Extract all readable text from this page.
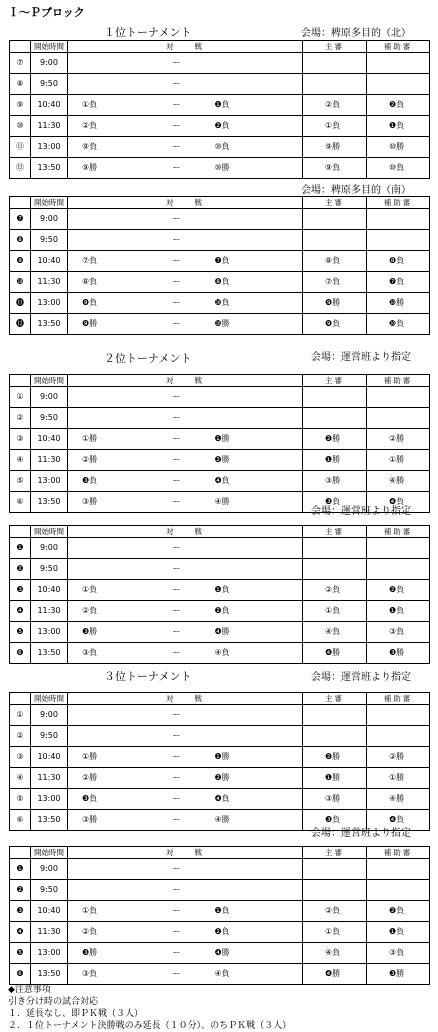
Ｉ～Ｐブロック
１位トーナメント	会場：稗原多目的（北）
	開始時間	対　　戦			主審	補助審
⑦	9:00		ー			
⑧	9:50		ー			
⑨	10:40	①負	ー	❶負	②負	❷負
⑩	11:30	②負	ー	❷負	①負	❶負
⑪	13:00	⑨負	ー	⑩負	⑨勝	⑩勝
⑫	13:50	⑨勝	ー	⑩勝	⑨負	⑩負
会場：稗原多目的（南）
	開始時間	対　　戦			主審	補助審
❼	9:00		ー			
❽	9:50		ー			
❾	10:40	⑦負	ー	❼負	⑧負	❽負
❿	11:30	⑧負	ー	❽負	⑦負	❼負
⓫	13:00	❾負	ー	❿負	❾勝	❿勝
⓬	13:50	❾勝	ー	❿勝	❾負	❿負
２位トーナメント	会場：運営班より指定
	開始時間	対　　戦			主審	補助審
①	9:00		ー			
②	9:50		ー			
③	10:40	①勝	ー	❶勝	❷勝	②勝
④	11:30	②勝	ー	❷勝	❶勝	①勝
⑤	13:00	❸負	ー	❹負	③勝	④勝
⑥	13:50	③勝	ー	④勝	❸負	❹負
会場：運営班より指定
	開始時間	対　　戦			主審	補助審
❶	9:00		ー			
❷	9:50		ー			
❸	10:40	①負	ー	❶負	②負	❷負
❹	11:30	②負	ー	❷負	①負	❶負
❺	13:00	❸勝	ー	❹勝	④負	③負
❻	13:50	③負	ー	④負	❹勝	❸勝
３位トーナメント	会場：運営班より指定
	開始時間	対　　戦			主審	補助審
①	9:00		ー			
②	9:50		ー			
③	10:40	①勝	ー	❶勝	❷勝	②勝
④	11:30	②勝	ー	❷勝	❶勝	①勝
⑤	13:00	❸負	ー	❹負	③勝	④勝
⑥	13:50	③勝	ー	④勝	❸負	❹負
会場：運営班より指定
	開始時間	対　　戦			主審	補助審
❶	9:00		ー			
❷	9:50		ー			
❸	10:40	①負	ー	❶負	②負	❷負
❹	11:30	②負	ー	❷負	①負	❶負
❺	13:00	❸勝	ー	❹勝	④負	③負
❻	13:50	③負	ー	④負	❹勝	❸勝
◆注意事項
引き分け時の試合対応
１．延長なし、即ＰＫ戦（３人）
２．１位トーナメント決勝戦のみ延長（１０分）、のちＰＫ戦（３人）
